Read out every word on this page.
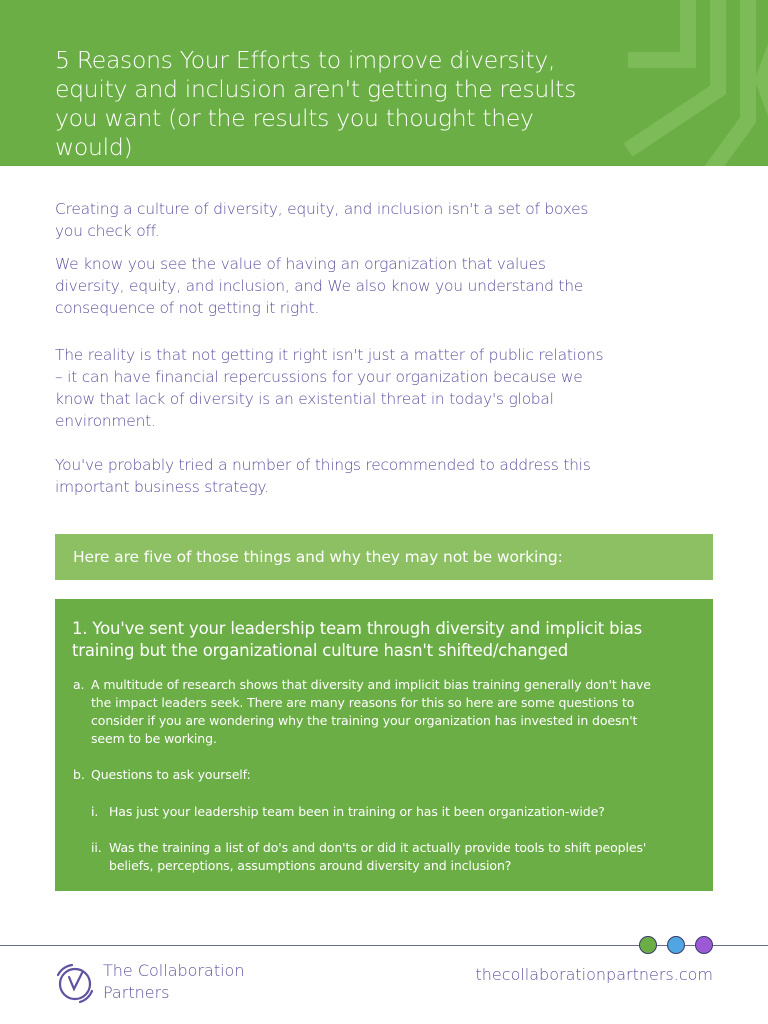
5 Reasons Your Efforts to improve diversity, equity and inclusion aren't getting the results you want (or the results you thought they would)

Creating a culture of diversity, equity, and inclusion isn't a set of boxes you check off.

We know you see the value of having an organization that values diversity, equity, and inclusion, and We also know you understand the consequence of not getting it right.

The reality is that not getting it right isn't just a matter of public relations – it can have financial repercussions for your organization because we know that lack of diversity is an existential threat in today's global environment.

You've probably tried a number of things recommended to address this important business strategy.

Here are five of those things and why they may not be working:
1. You've sent your leadership team through diversity and implicit bias training but the organizational culture hasn't shifted/changed
a. A multitude of research shows that diversity and implicit bias training generally don't have the impact leaders seek. There are many reasons for this so here are some questions to consider if you are wondering why the training your organization has invested in doesn't seem to be working.
b. Questions to ask yourself:
i. Has just your leadership team been in training or has it been organization-wide?
ii. Was the training a list of do's and don'ts or did it actually provide tools to shift peoples' beliefs, perceptions, assumptions around diversity and inclusion?
The Collaboration Partners
thecollaborationpartners.com
